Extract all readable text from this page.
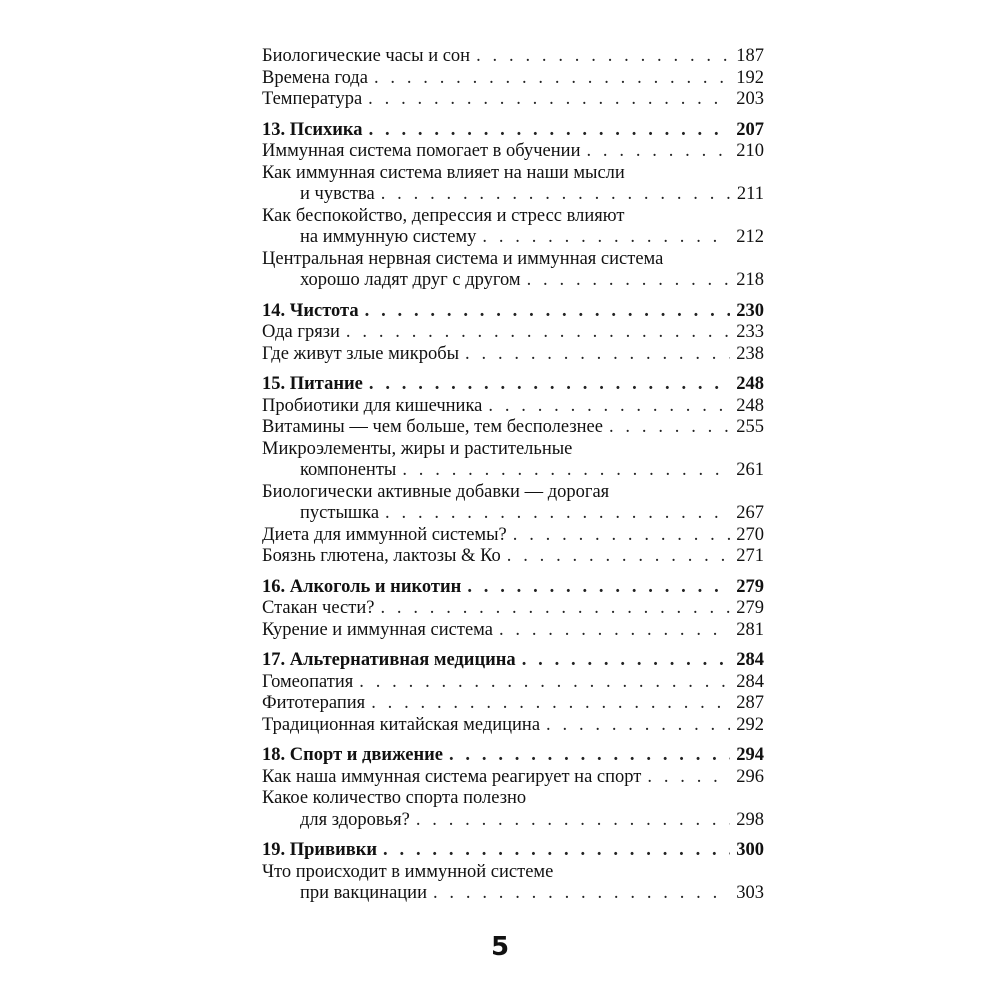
Биологические часы и сон . . .	187
Времена года . . .	192
Температура . . .	203
13. Психика . . .	207
Иммунная система помогает в обучении . . .	210
Как иммунная система влияет на наши мысли
и чувства . . .	211
Как беспокойство, депрессия и стресс влияют
на иммунную систему . . .	212
Центральная нервная система и иммунная система
хорошо ладят друг с другом . . .	218
14. Чистота . . .	230
Ода грязи . . .	233
Где живут злые микробы . . .	238
15. Питание . . .	248
Пробиотики для кишечника . . .	248
Витамины — чем больше, тем бесполезнее . . .	255
Микроэлементы, жиры и растительные
компоненты . . .	261
Биологически активные добавки — дорогая
пустышка . . .	267
Диета для иммунной системы? . . .	270
Боязнь глютена, лактозы & Ко . . .	271
16. Алкоголь и никотин . . .	279
Стакан чести? . . .	279
Курение и иммунная система . . .	281
17. Альтернативная медицина . . .	284
Гомеопатия . . .	284
Фитотерапия . . .	287
Традиционная китайская медицина . . .	292
18. Спорт и движение . . .	294
Как наша иммунная система реагирует на спорт . . .	296
Какое количество спорта полезно
для здоровья? . . .	298
19. Прививки . . .	300
Что происходит в иммунной системе
при вакцинации . . .	303
5
